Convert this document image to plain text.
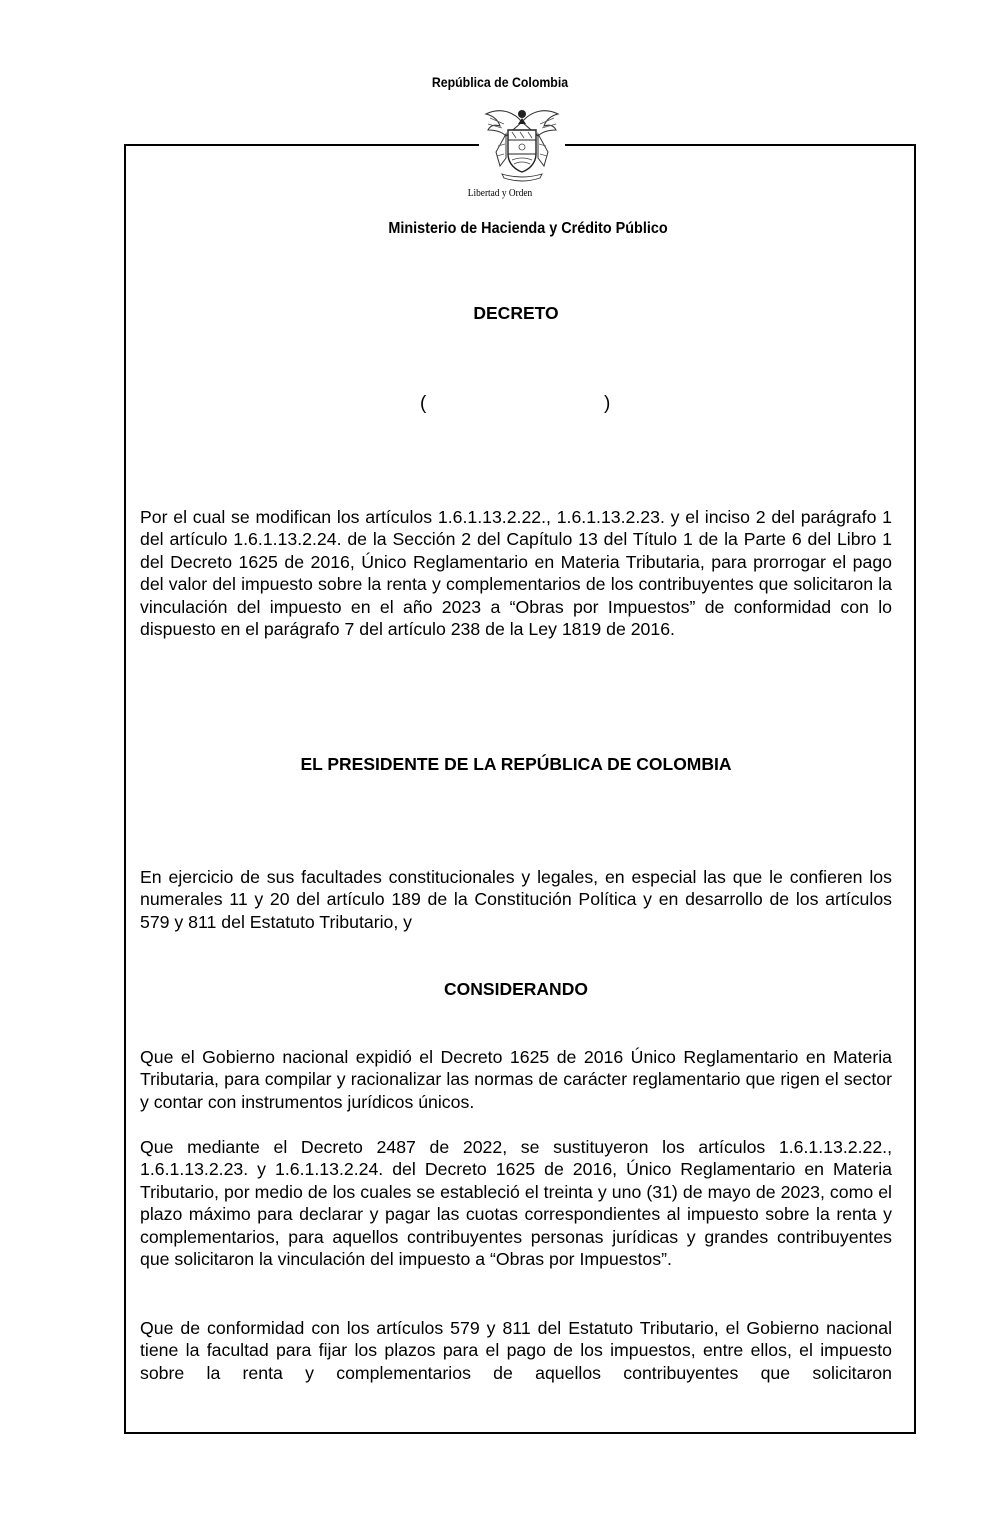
República de Colombia
Libertad y Orden
Ministerio de Hacienda y Crédito Público
DECRETO
(	)

Por el cual se modifican los artículos 1.6.1.13.2.22., 1.6.1.13.2.23. y el inciso 2 del parágrafo 1 del artículo 1.6.1.13.2.24. de la Sección 2 del Capítulo 13 del Título 1 de la Parte 6 del Libro 1 del Decreto 1625 de 2016, Único Reglamentario en Materia Tributaria, para prorrogar el pago del valor del impuesto sobre la renta y complementarios de los contribuyentes que solicitaron la vinculación del impuesto en el año 2023 a “Obras por Impuestos” de conformidad con lo dispuesto en el parágrafo 7 del artículo 238 de la Ley 1819 de 2016.

EL PRESIDENTE DE LA REPÚBLICA DE COLOMBIA

En ejercicio de sus facultades constitucionales y legales, en especial las que le confieren los numerales 11 y 20 del artículo 189 de la Constitución Política y en desarrollo de los artículos 579 y 811 del Estatuto Tributario, y

CONSIDERANDO

Que el Gobierno nacional expidió el Decreto 1625 de 2016 Único Reglamentario en Materia Tributaria, para compilar y racionalizar las normas de carácter reglamentario que rigen el sector y contar con instrumentos jurídicos únicos.

Que mediante el Decreto 2487 de 2022, se sustituyeron los artículos 1.6.1.13.2.22., 1.6.1.13.2.23. y 1.6.1.13.2.24. del Decreto 1625 de 2016, Único Reglamentario en Materia Tributario, por medio de los cuales se estableció el treinta y uno (31) de mayo de 2023, como el plazo máximo para declarar y pagar las cuotas correspondientes al impuesto sobre la renta y complementarios, para aquellos contribuyentes personas jurídicas y grandes contribuyentes que solicitaron la vinculación del impuesto a “Obras por Impuestos”.

Que de conformidad con los artículos 579 y 811 del Estatuto Tributario, el Gobierno nacional tiene la facultad para fijar los plazos para el pago de los impuestos, entre ellos, el impuesto sobre la renta y complementarios de aquellos contribuyentes que solicitaron
